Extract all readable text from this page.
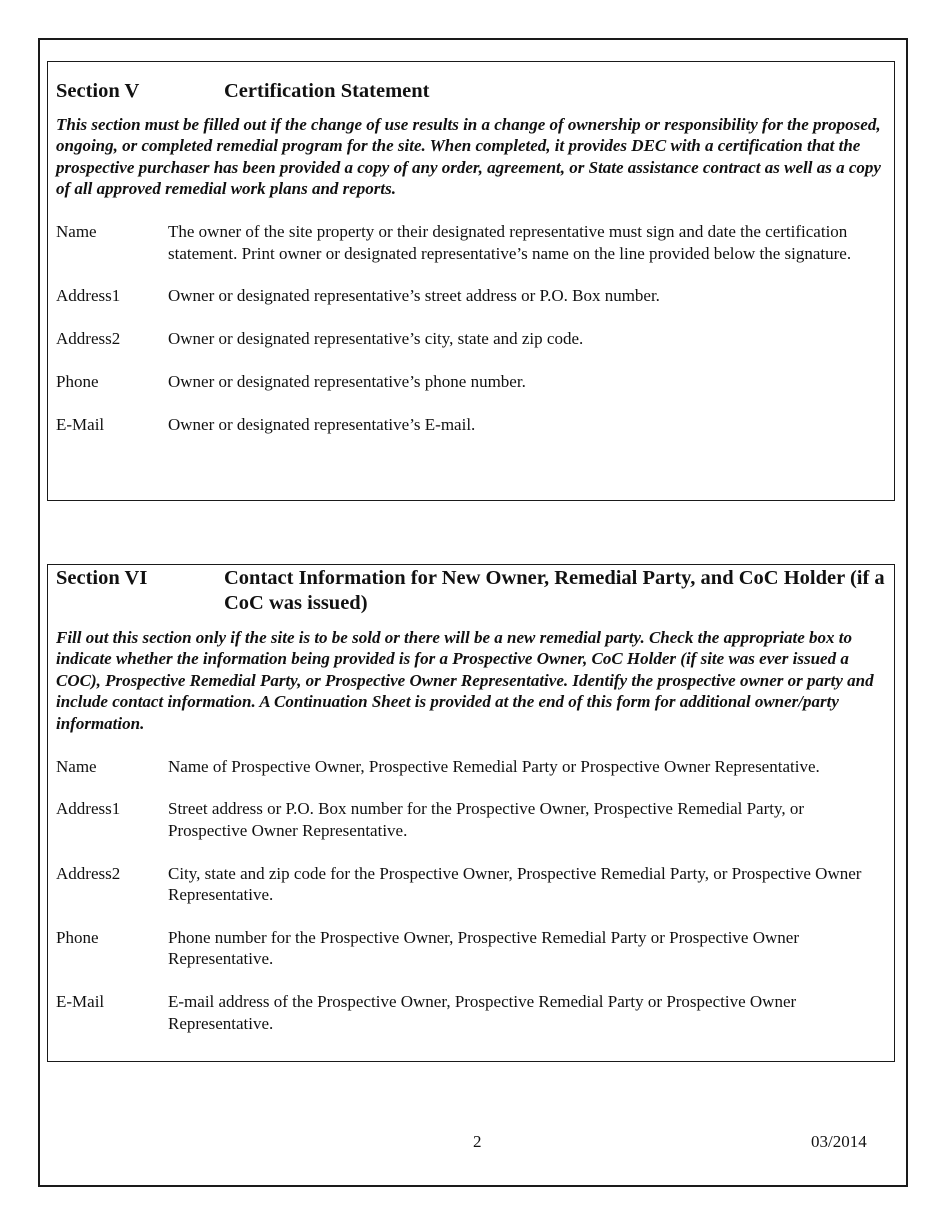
Section V	Certification Statement
This section must be filled out if the change of use results in a change of ownership or responsibility for the proposed, ongoing, or completed remedial program for the site. When completed, it provides DEC with a certification that the prospective purchaser has been provided a copy of any order, agreement, or State assistance contract as well as a copy of all approved remedial work plans and reports.
Name	The owner of the site property or their designated representative must sign and date the certification statement. Print owner or designated representative’s name on the line provided below the signature.
Address1	Owner or designated representative’s street address or P.O. Box number.
Address2	Owner or designated representative’s city, state and zip code.
Phone	Owner or designated representative’s phone number.
E-Mail	Owner or designated representative’s E-mail.
Section VI	Contact Information for New Owner, Remedial Party, and CoC Holder (if a CoC was issued)
Fill out this section only if the site is to be sold or there will be a new remedial party. Check the appropriate box to indicate whether the information being provided is for a Prospective Owner, CoC Holder (if site was ever issued a COC), Prospective Remedial Party, or Prospective Owner Representative. Identify the prospective owner or party and include contact information. A Continuation Sheet is provided at the end of this form for additional owner/party information.
Name	Name of Prospective Owner, Prospective Remedial Party or Prospective Owner Representative.
Address1	Street address or P.O. Box number for the Prospective Owner, Prospective Remedial Party, or Prospective Owner Representative.
Address2	City, state and zip code for the Prospective Owner, Prospective Remedial Party, or Prospective Owner Representative.
Phone	Phone number for the Prospective Owner, Prospective Remedial Party or Prospective Owner Representative.
E-Mail	E-mail address of the Prospective Owner, Prospective Remedial Party or Prospective Owner Representative.
2	03/2014
